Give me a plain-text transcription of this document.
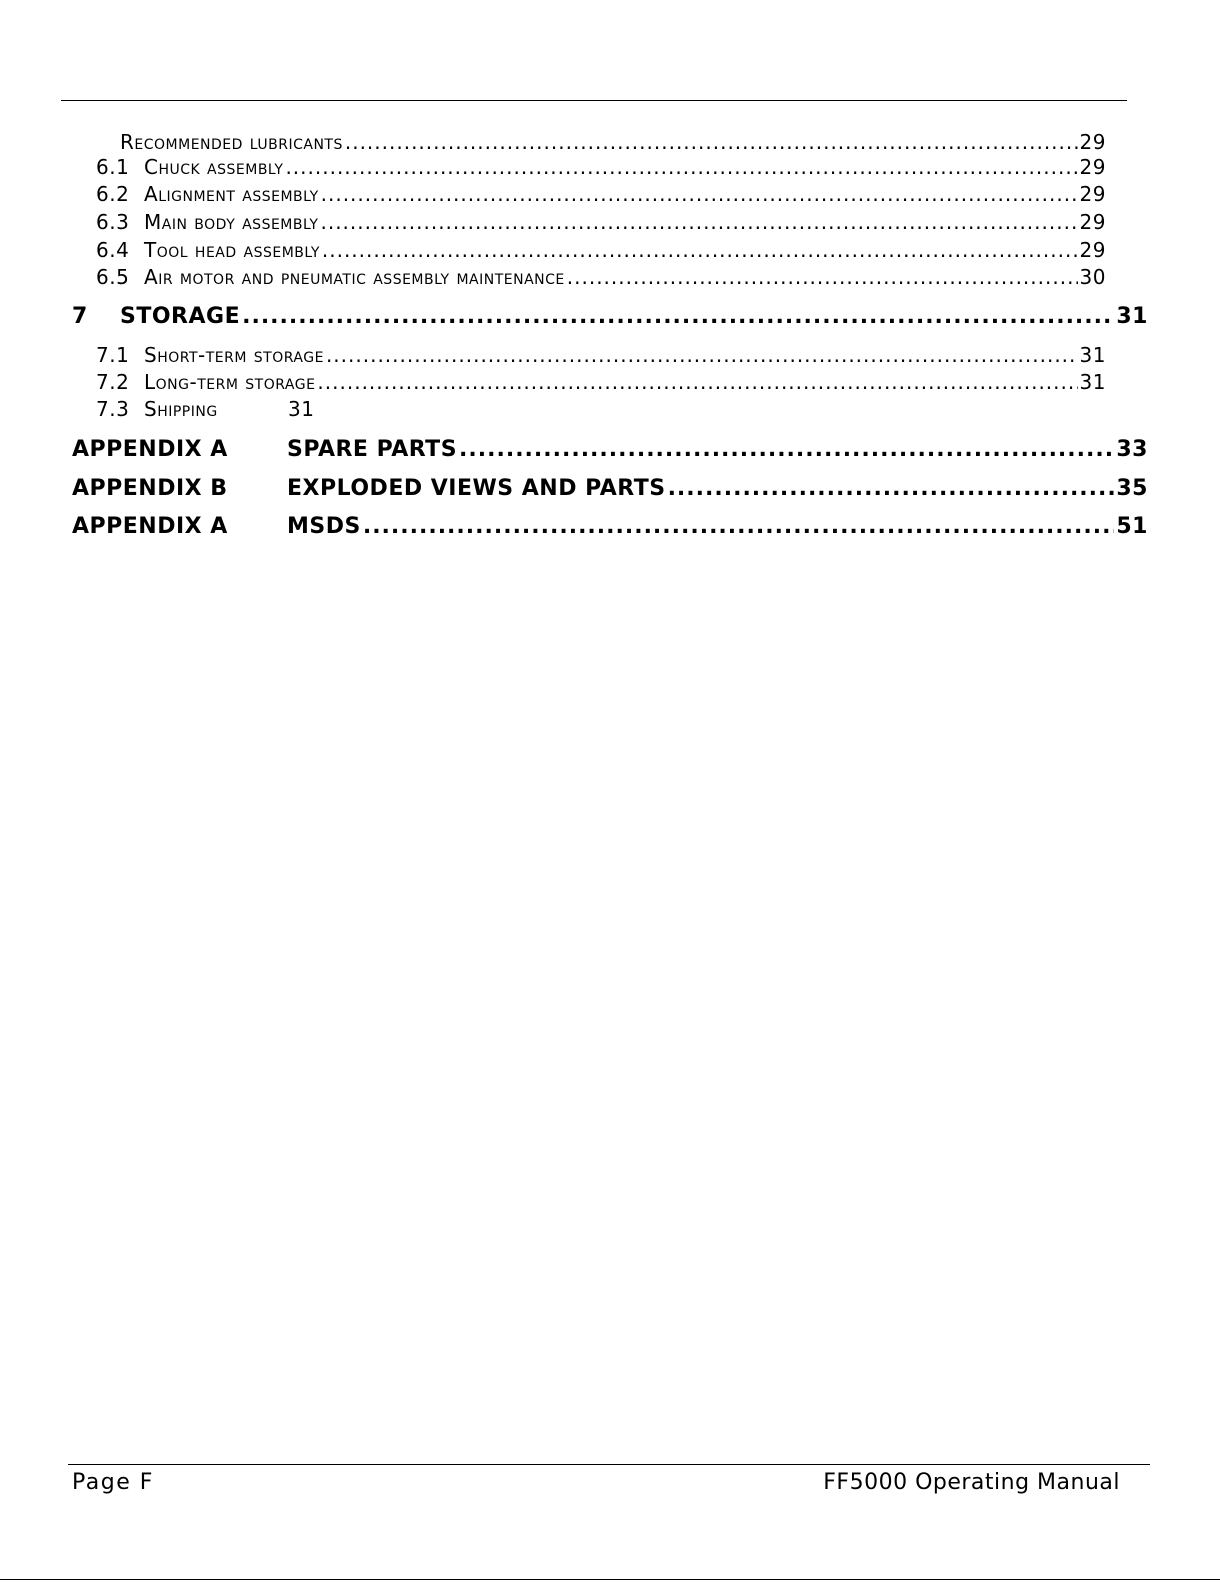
Recommended lubricants .....	29
6.1 chuck assembly .....	29
6.2 alignment assembly .....	29
6.3 main body assembly .....	29
6.4 tool head assembly .....	29
6.5 air motor and pneumatic assembly maintenance .....	30
7	STORAGE .....	31
7.1 short-term storage .....	31
7.2 long-term storage .....	31
7.3 Shipping	31
APPENDIX A	SPARE PARTS .....	33
APPENDIX B	EXPLODED VIEWS AND PARTS .....	35
APPENDIX A	MSDS .....	51
Page F	FF5000 Operating Manual
